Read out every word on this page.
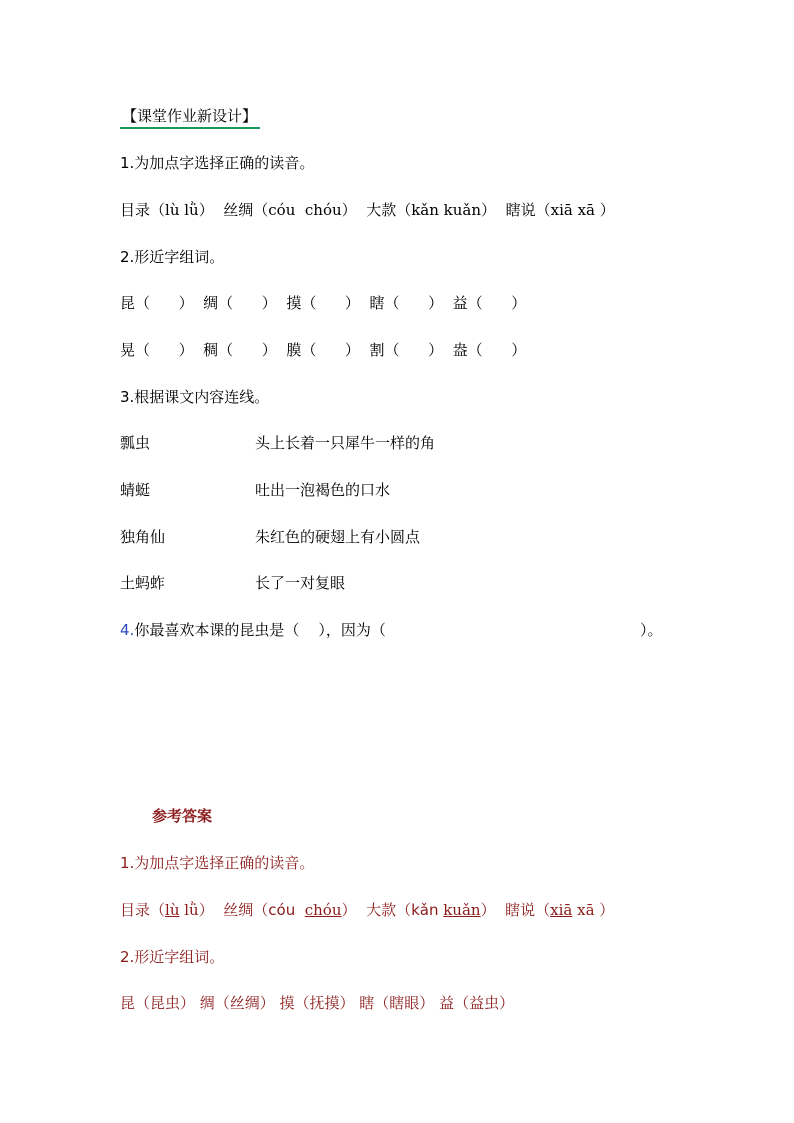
【课堂作业新设计】
1.为加点字选择正确的读音。
目录（lù lǜ） 丝绸（cóu  chóu） 大款（kǎn kuǎn） 瞎说（xiā xā ）
2.形近字组词。
昆（      ） 绸（      ） 摸（      ） 瞎（      ） 益（      ）
晃（      ） 稠（      ） 膜（      ） 割（      ） 盎（      ）
3.根据课文内容连线。
瓢虫	头上长着一只犀牛一样的角
蜻蜓	吐出一泡褐色的口水
独角仙	朱红色的硬翅上有小圆点
土蚂蚱	长了一对复眼
4.你最喜欢本课的昆虫是（    ），因为（	）。
参考答案
1.为加点字选择正确的读音。
目录（lù lǜ） 丝绸（cóu  chóu） 大款（kǎn kuǎn） 瞎说（xiā xā ）
2.形近字组词。
昆（昆虫） 绸（丝绸） 摸（抚摸） 瞎（瞎眼） 益（益虫）
